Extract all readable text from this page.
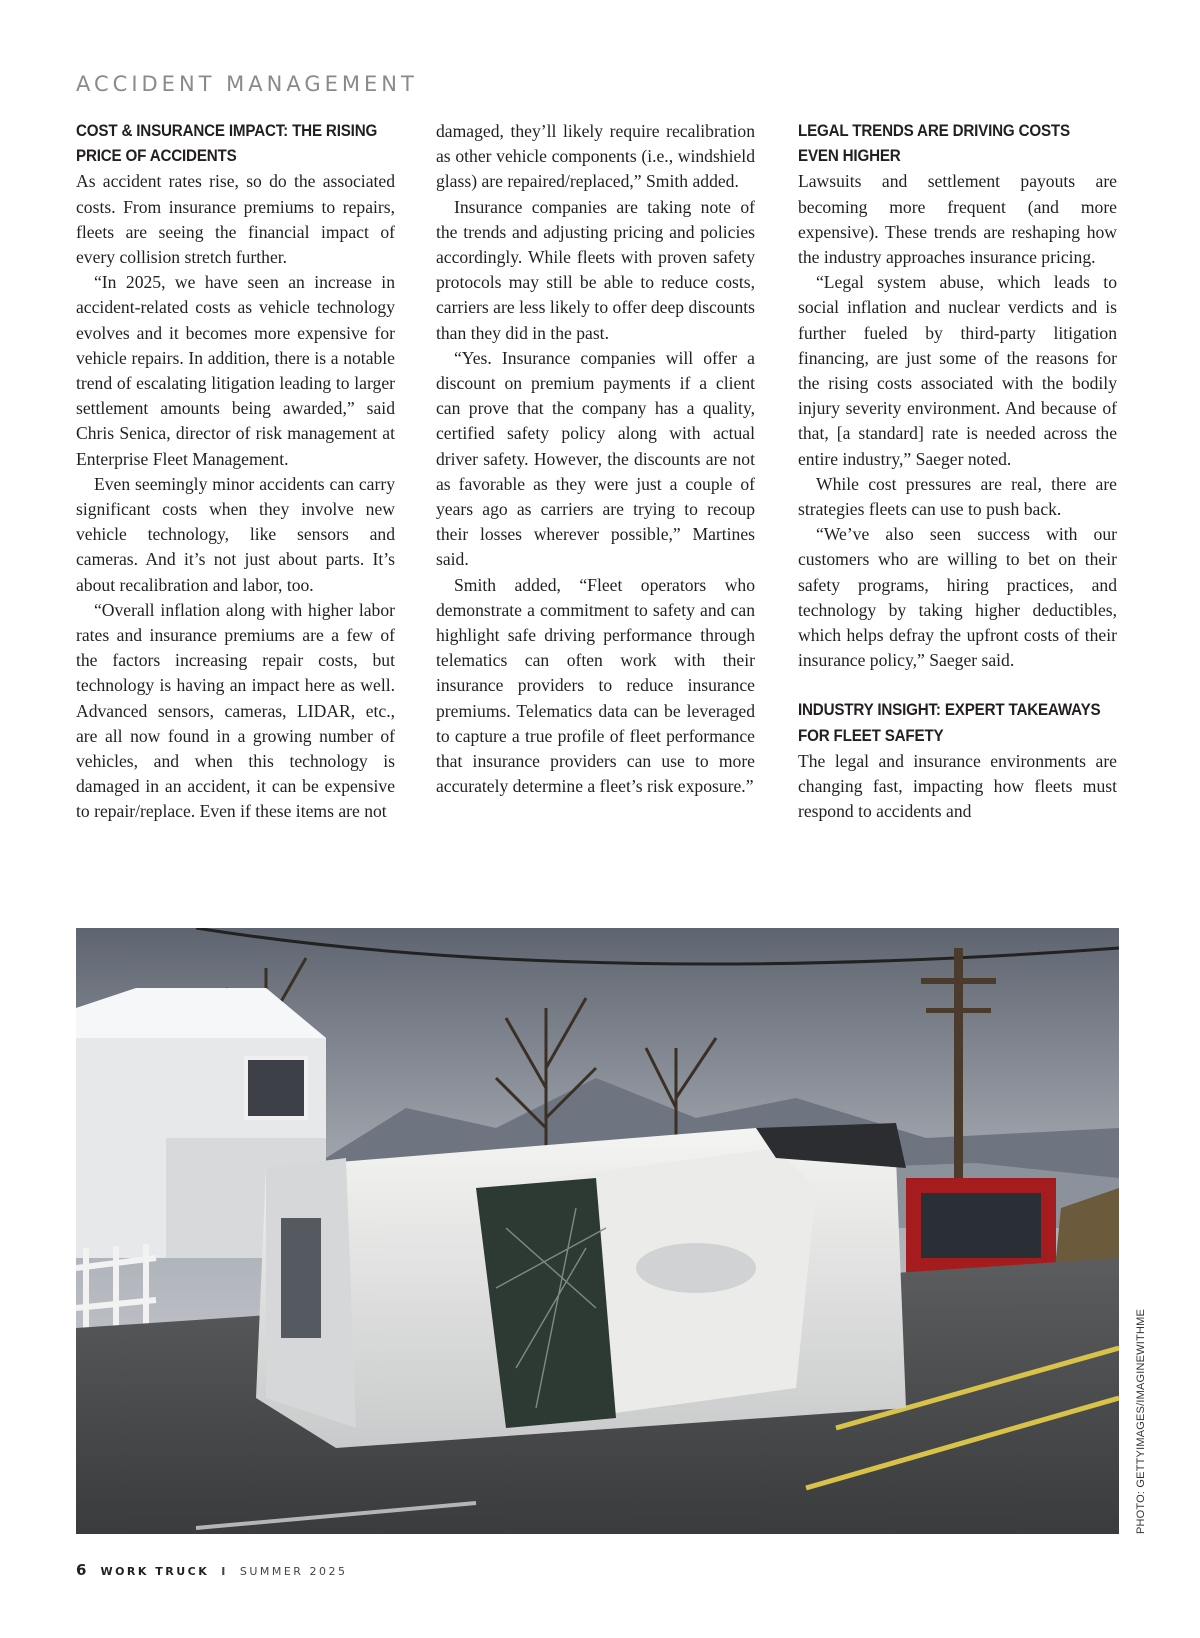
ACCIDENT MANAGEMENT
COST & INSURANCE IMPACT: THE RISING PRICE OF ACCIDENTS

As accident rates rise, so do the associated costs. From insurance premiums to repairs, fleets are seeing the financial impact of every collision stretch further.

“In 2025, we have seen an increase in accident-related costs as vehicle technology evolves and it becomes more expensive for vehicle repairs. In addition, there is a notable trend of escalating litigation leading to larger settlement amounts being awarded,” said Chris Senica, director of risk management at Enterprise Fleet Management.

Even seemingly minor accidents can carry significant costs when they involve new vehicle technology, like sensors and cameras. And it’s not just about parts. It’s about recalibration and labor, too.

“Overall inflation along with higher labor rates and insurance premiums are a few of the factors increasing repair costs, but technology is having an impact here as well. Advanced sensors, cameras, LIDAR, etc., are all now found in a growing number of vehicles, and when this technology is damaged in an accident, it can be expensive to repair/replace. Even if these items are not

damaged, they’ll likely require recalibration as other vehicle components (i.e., windshield glass) are repaired/replaced,” Smith added.

Insurance companies are taking note of the trends and adjusting pricing and policies accordingly. While fleets with proven safety protocols may still be able to reduce costs, carriers are less likely to offer deep discounts than they did in the past.

“Yes. Insurance companies will offer a discount on premium payments if a client can prove that the company has a quality, certified safety policy along with actual driver safety. However, the discounts are not as favorable as they were just a couple of years ago as carriers are trying to recoup their losses wherever possible,” Martines said.

Smith added, “Fleet operators who demonstrate a commitment to safety and can highlight safe driving performance through telematics can often work with their insurance providers to reduce insurance premiums. Telematics data can be leveraged to capture a true profile of fleet performance that insurance providers can use to more accurately determine a fleet’s risk exposure.”

LEGAL TRENDS ARE DRIVING COSTS EVEN HIGHER

Lawsuits and settlement payouts are becoming more frequent (and more expensive). These trends are reshaping how the industry approaches insurance pricing.

“Legal system abuse, which leads to social inflation and nuclear verdicts and is further fueled by third-party litigation financing, are just some of the reasons for the rising costs associated with the bodily injury severity environment. And because of that, [a standard] rate is needed across the entire industry,” Saeger noted.

While cost pressures are real, there are strategies fleets can use to push back.

“We’ve also seen success with our customers who are willing to bet on their safety programs, hiring practices, and technology by taking higher deductibles, which helps defray the upfront costs of their insurance policy,” Saeger said.

INDUSTRY INSIGHT: EXPERT TAKEAWAYS FOR FLEET SAFETY

The legal and insurance environments are changing fast, impacting how fleets must respond to accidents and

PHOTO: GETTYIMAGES/IMAGINEWITHME
6 WORK TRUCK I SUMMER 2025
